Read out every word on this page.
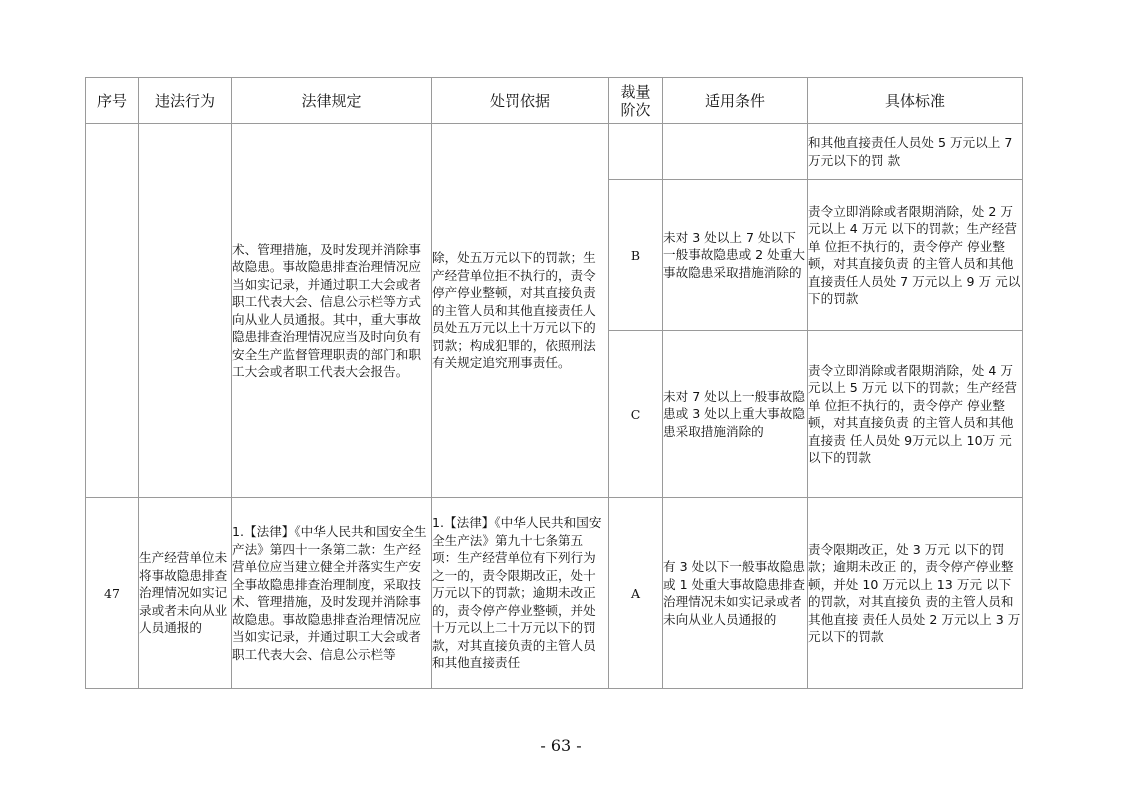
序号	违法行为	法律规定	处罚依据	裁量阶次	适用条件	具体标准
		术、管理措施，及时发现并消除事故隐患。事故隐患排查治理情况应当如实记录，并通过职工大会或者职工代表大会、信息公示栏等方式向从业人员通报。其中，重大事故隐患排查治理情况应当及时向负有安全生产监督管理职责的部门和职工大会或者职工代表大会报告。	除，处五万元以下的罚款；生产经营单位拒不执行的，责令停产停业整顿，对其直接负责的主管人员和其他直接责任人员处五万元以上十万元以下的罚款；构成犯罪的，依照刑法有关规定追究刑事责任。			和其他直接责任人员处 5 万元以上 7 万元以下的罚 款
				B	未对 3 处以上 7 处以下一般事故隐患或 2 处重大事故隐患采取措施消除的	责令立即消除或者限期消除，处 2 万元以上 4 万元 以下的罚款；生产经营单 位拒不执行的，责令停产 停业整顿，对其直接负责 的主管人员和其他直接责任人员处 7 万元以上 9 万 元以下的罚款
				C	未对 7 处以上一般事故隐患或 3 处以上重大事故隐患采取措施消除的	责令立即消除或者限期消除，处 4 万元以上 5 万元 以下的罚款；生产经营单 位拒不执行的，责令停产 停业整顿，对其直接负责 的主管人员和其他直接责 任人员处 9万元以上 10万 元以下的罚款
47	生产经营单位未将事故隐患排查治理情况如实记录或者未向从业人员通报的	1.【法律】《中华人民共和国安全生产法》第四十一条第二款：生产经营单位应当建立健全并落实生产安全事故隐患排查治理制度，采取技术、管理措施，及时发现并消除事故隐患。事故隐患排查治理情况应当如实记录，并通过职工大会或者职工代表大会、信息公示栏等	1.【法律】《中华人民共和国安全生产法》第九十七条第五项：生产经营单位有下列行为之一的，责令限期改正，处十万元以下的罚款；逾期未改正的，责令停产停业整顿，并处十万元以上二十万元以下的罚款，对其直接负责的主管人员和其他直接责任	A	有 3 处以下一般事故隐患或 1 处重大事故隐患排查治理情况未如实记录或者未向从业人员通报的	责令限期改正，处 3 万元 以下的罚款；逾期未改正 的，责令停产停业整顿，并处 10 万元以上 13 万元 以下的罚款，对其直接负 责的主管人员和其他直接 责任人员处 2 万元以上 3 万元以下的罚款
- 63 -
